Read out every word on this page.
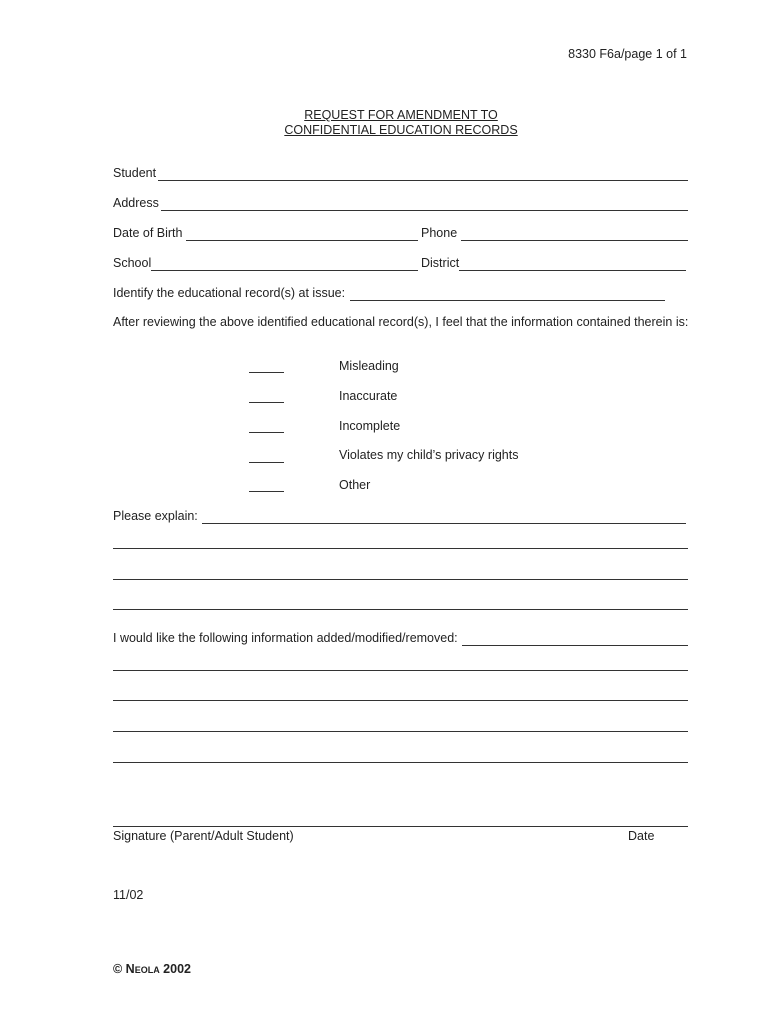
8330 F6a/page 1 of 1
REQUEST FOR AMENDMENT TO
CONFIDENTIAL EDUCATION RECORDS
Student
Address
Date of Birth	Phone
School	District
Identify the educational record(s) at issue:
After reviewing the above identified educational record(s), I feel that the information contained therein is:
Misleading
Inaccurate
Incomplete
Violates my child’s privacy rights
Other
Please explain:
I would like the following information added/modified/removed:
Signature (Parent/Adult Student)	Date
11/02
© Neola 2002
